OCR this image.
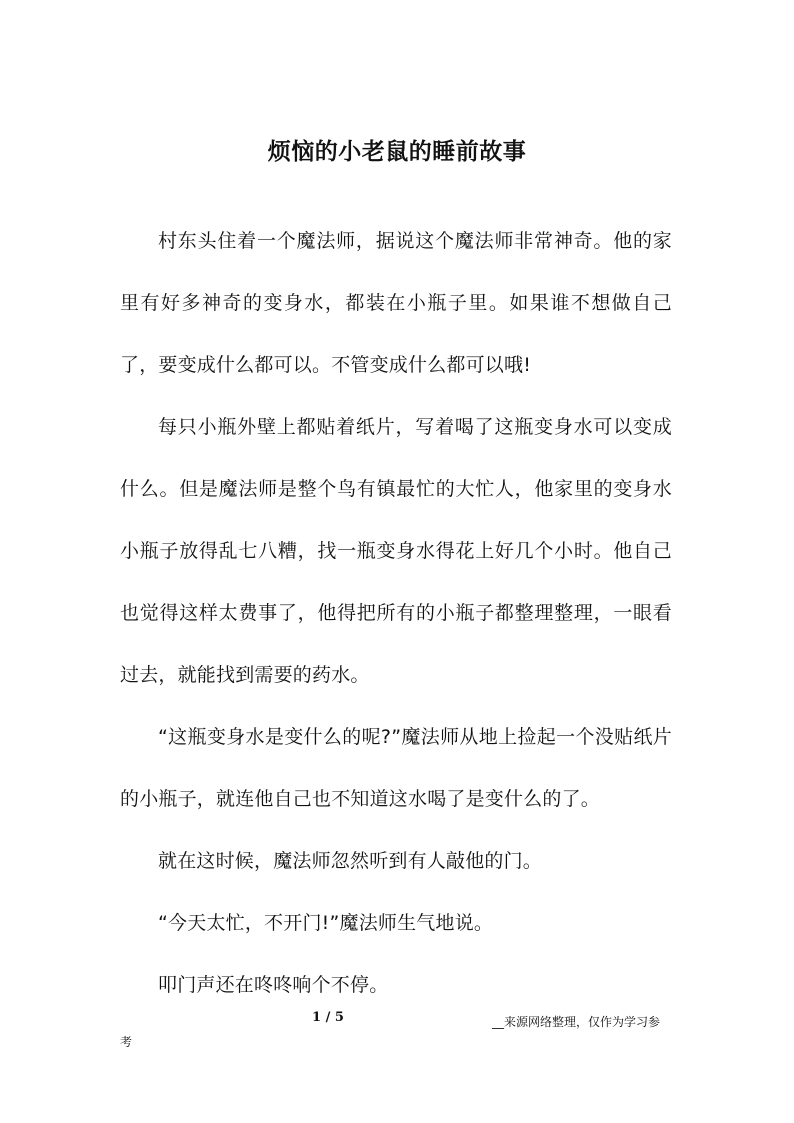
烦恼的小老鼠的睡前故事

村东头住着一个魔法师，据说这个魔法师非常神奇。他的家里有好多神奇的变身水，都装在小瓶子里。如果谁不想做自己了，要变成什么都可以。不管变成什么都可以哦!

每只小瓶外壁上都贴着纸片，写着喝了这瓶变身水可以变成什么。但是魔法师是整个鸟有镇最忙的大忙人，他家里的变身水小瓶子放得乱七八糟，找一瓶变身水得花上好几个小时。他自己也觉得这样太费事了，他得把所有的小瓶子都整理整理，一眼看过去，就能找到需要的药水。

“这瓶变身水是变什么的呢?”魔法师从地上捡起一个没贴纸片的小瓶子，就连他自己也不知道这水喝了是变什么的了。

就在这时候，魔法师忽然听到有人敲他的门。

“今天太忙，不开门!”魔法师生气地说。

叩门声还在咚咚响个不停。

1 / 5	__来源网络整理，仅作为学习参
考
